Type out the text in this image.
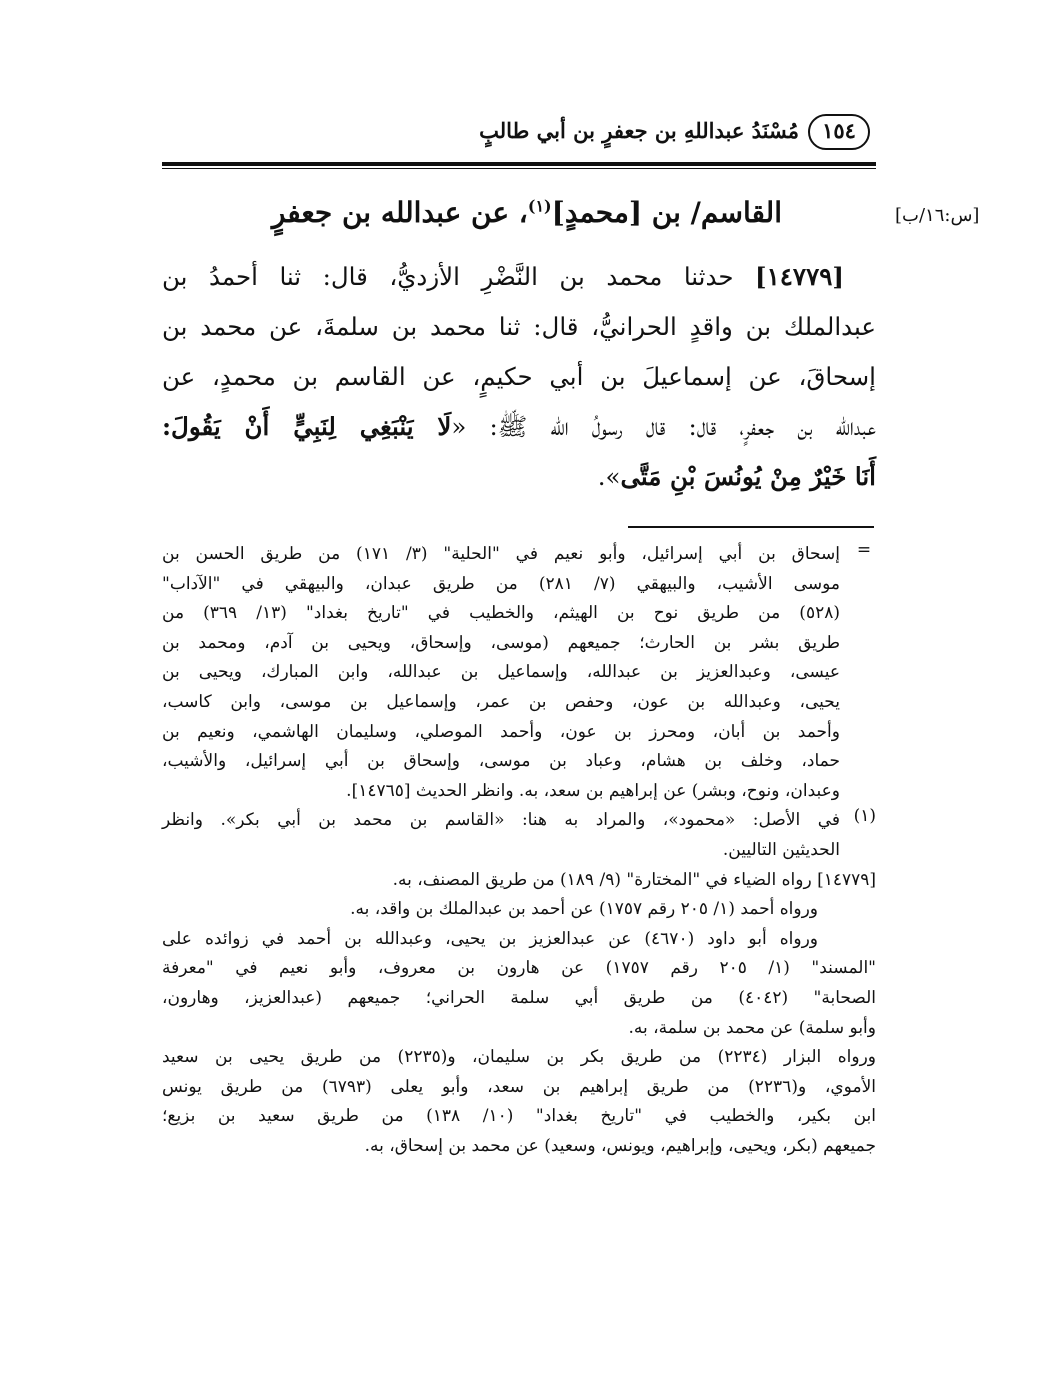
١٥٤
مُسْنَدُ عبداللهِ بن جعفرٍ بن أبي طالبٍ
[س:١٦/ب]
القاسم/ بن [محمدٍ]$^{(١)}$، عن عبدالله بن جعفرٍ
[١٤٧٧٩] حدثنا محمد بن النَّضْرِ الأزديُّ، قال: ثنا أحمدُ بن
عبدالملك بن واقدٍ الحرانيُّ، قال: ثنا محمد بن سلمةَ، عن محمد بن
إسحاقَ، عن إسماعيلَ بن أبي حكيمٍ، عن القاسم بن محمدٍ، عن
عبدالله بن جعفرٍ، قال: قال رسولُ الله ﷺ: «لَا يَنْبَغِي لِنَبِيٍّ أَنْ يَقُولَ:
أَنَا خَيْرٌ مِنْ يُونُسَ بْنِ مَتَّى».
=
إسحاق بن أبي إسرائيل، وأبو نعيم في "الحلية" (٣/ ١٧١) من طريق الحسن بن
موسى الأشيب، والبيهقي (٧/ ٢٨١) من طريق عبدان، والبيهقي في "الآداب"
(٥٢٨) من طريق نوح بن الهيثم، والخطيب في "تاريخ بغداد" (١٣/ ٣٦٩) من
طريق بشر بن الحارث؛ جميعهم (موسى، وإسحاق، ويحيى بن آدم، ومحمد بن
عيسى، وعبدالعزيز بن عبدالله، وإسماعيل بن عبدالله، وابن المبارك، ويحيى بن
يحيى، وعبدالله بن عون، وحفص بن عمر، وإسماعيل بن موسى، وابن كاسب،
وأحمد بن أبان، ومحرز بن عون، وأحمد الموصلي، وسليمان الهاشمي، ونعيم بن
حماد، وخلف بن هشام، وعباد بن موسى، وإسحاق بن أبي إسرائيل، والأشيب،
وعبدان، ونوح، وبشر) عن إبراهيم بن سعد، به. وانظر الحديث [١٤٧٦٥].
(١)
في الأصل: «محمود»، والمراد به هنا: «القاسم بن محمد بن أبي بكر». وانظر
الحديثين التاليين.
[١٤٧٧٩] رواه الضياء في "المختارة" (٩/ ١٨٩) من طريق المصنف، به.
ورواه أحمد (١/ ٢٠٥ رقم ١٧٥٧) عن أحمد بن عبدالملك بن واقد، به.
ورواه أبو داود (٤٦٧٠) عن عبدالعزيز بن يحيى، وعبدالله بن أحمد في زوائده على
"المسند" (١/ ٢٠٥ رقم ١٧٥٧) عن هارون بن معروف، وأبو نعيم في "معرفة
الصحابة" (٤٠٤٢) من طريق أبي سلمة الحراني؛ جميعهم (عبدالعزيز، وهارون،
وأبو سلمة) عن محمد بن سلمة، به.
ورواه البزار (٢٢٣٤) من طريق بكر بن سليمان، و(٢٢٣٥) من طريق يحيى بن سعيد
الأموي، و(٢٢٣٦) من طريق إبراهيم بن سعد، وأبو يعلى (٦٧٩٣) من طريق يونس
ابن بكير، والخطيب في "تاريخ بغداد" (١٠/ ١٣٨) من طريق سعيد بن بزيع؛
جميعهم (بكر، ويحيى، وإبراهيم، ويونس، وسعيد) عن محمد بن إسحاق، به.
